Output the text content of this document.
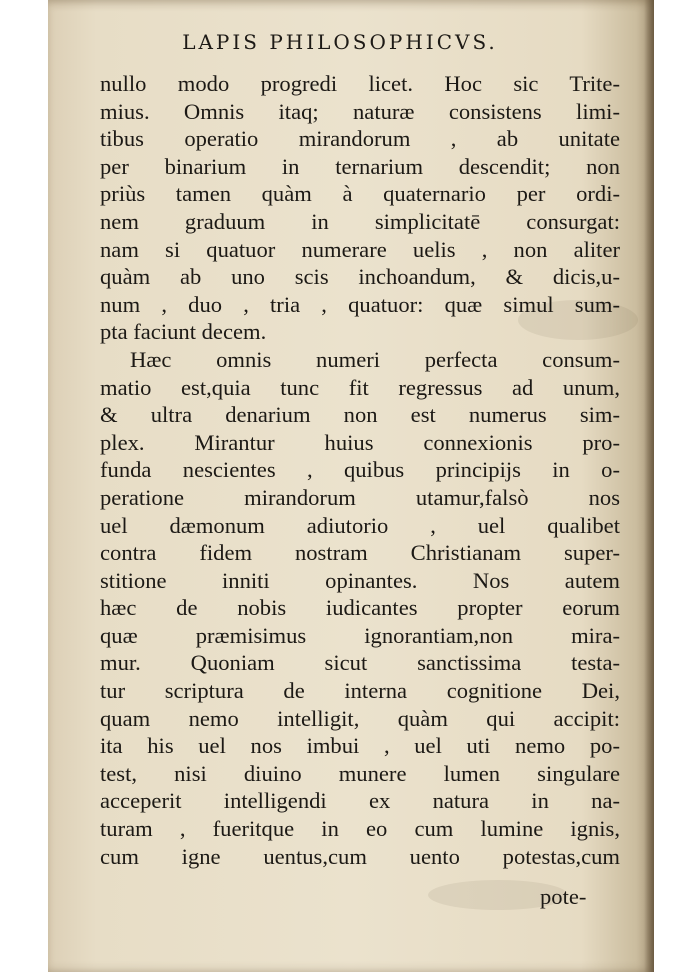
LAPIS PHILOSOPHICVS.
nullo modo progredi licet. Hoc sic Trite-
mius. Omnis itaq; naturæ consistens limi-
tibus operatio mirandorum , ab unitate
per binarium in ternarium descendit; non
priùs tamen quàm à quaternario per ordi-
nem graduum in simplicitatē consurgat:
nam si quatuor numerare uelis , non aliter
quàm ab uno scis inchoandum, & dicis,u-
num , duo , tria , quatuor: quæ simul sum-
pta faciunt decem.
Hæc omnis numeri perfecta consum-
matio est,quia tunc fit regressus ad unum,
& ultra denarium non est numerus sim-
plex. Mirantur huius connexionis pro-
funda nescientes , quibus principijs in o-
peratione mirandorum utamur,falsò nos
uel dæmonum adiutorio , uel qualibet
contra fidem nostram Christianam super-
stitione inniti opinantes. Nos autem
hæc de nobis iudicantes propter eorum
quæ præmisimus ignorantiam,non mira-
mur. Quoniam sicut sanctissima testa-
tur scriptura de interna cognitione Dei,
quam nemo intelligit, quàm qui accipit:
ita his uel nos imbui , uel uti nemo po-
test, nisi diuino munere lumen singulare
acceperit intelligendi ex natura in na-
turam , fueritque in eo cum lumine ignis,
cum igne uentus,cum uento potestas,cum
pote-
